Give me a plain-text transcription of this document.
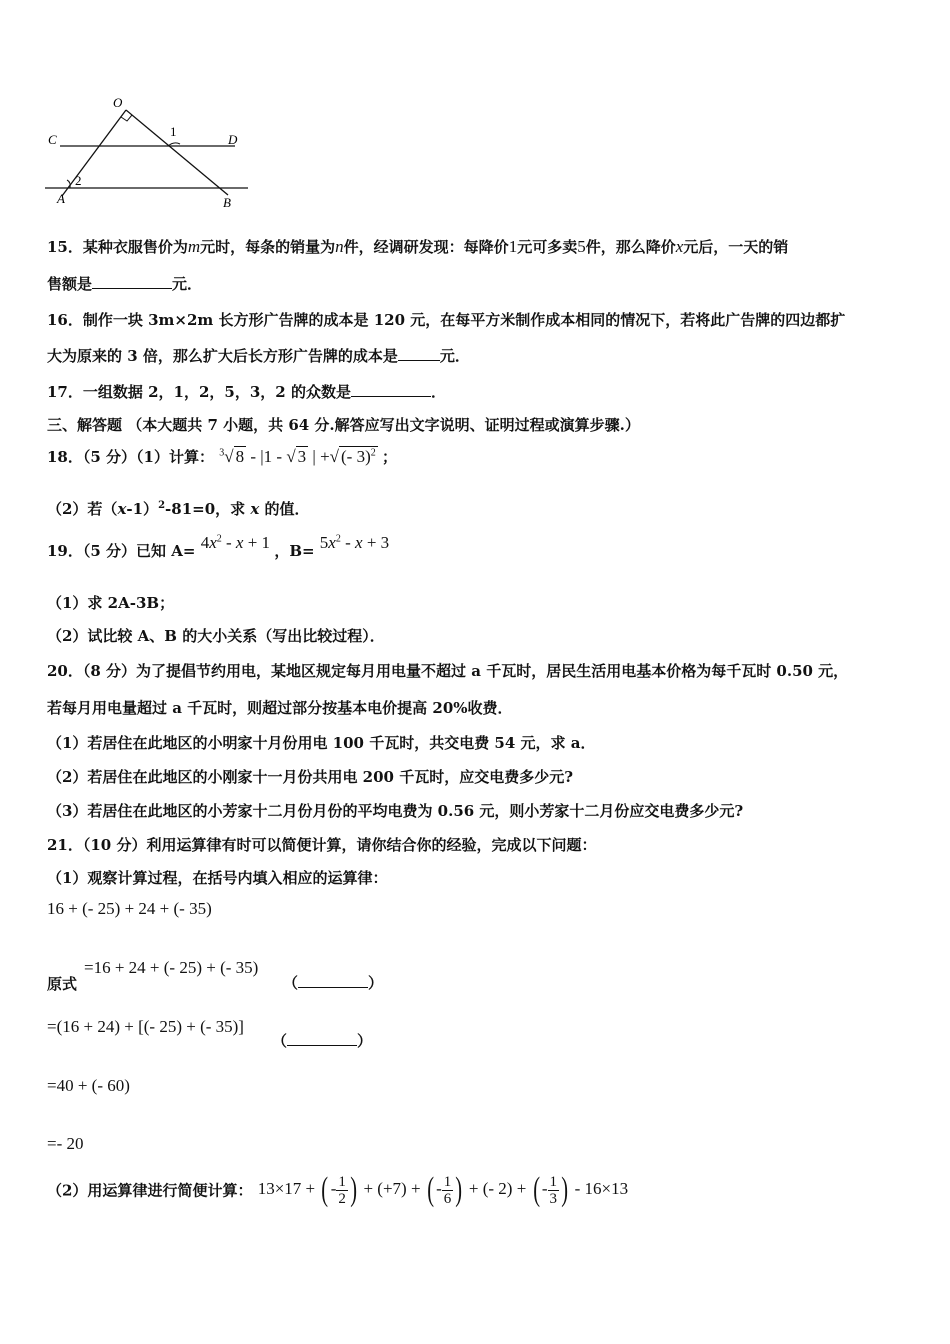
O
C	D
A	B
1
2
15．某种衣服售价为m元时，每条的销量为n件，经调研发现：每降价1元可多卖5件，那么降价x元后，一天的销
售额是	元．
16．制作一块 3m×2m 长方形广告牌的成本是 120 元，在每平方米制作成本相同的情况下，若将此广告牌的四边都扩
大为原来的 3 倍，那么扩大后长方形广告牌的成本是	元．
17．一组数据 2，1，2，5，3，2 的众数是	．
三、解答题 （本大题共 7 小题，共 64 分.解答应写出文字说明、证明过程或演算步骤.）
18．（5 分）（1）计算： $^3$√ 8 - |1 - √ 3 | +√ (- 3)$^2$ ；
（2）若$(x-1)^2-81=0$，求 x 的值．
19．（5 分）已知 $A= 4x^2 - x + 1$ ，$B= 5x^2 - x + 3$
（1）求 2A-3B；
（2）试比较 A、B 的大小关系（写出比较过程）．
20．（8 分）为了提倡节约用电，某地区规定每月用电量不超过 a 千瓦时，居民生活用电基本价格为每千瓦时 0.50 元，
若每月用电量超过 a 千瓦时，则超过部分按基本电价提高 20%收费．
（1）若居住在此地区的小明家十月份用电 100 千瓦时，共交电费 54 元，求 a．
（2）若居住在此地区的小刚家十一月份共用电 200 千瓦时，应交电费多少元?
（3）若居住在此地区的小芳家十二月份月份的平均电费为 0.56 元，则小芳家十二月份应交电费多少元?
21．（10 分）利用运算律有时可以简便计算，请你结合你的经验，完成以下问题：
（1）观察计算过程，在括号内填入相应的运算律：
16 + (- 25) + 24 + (- 35)
原式
=16 + 24 + (- 25) + (- 35)
（	）
=(16 + 24) + [(- 25) + (- 35)]
（	）
=40 + (- 60)
=- 20
（2）用运算律进行简便计算： 13×17 + ( - $\frac{1}{2}$ ) + (+7) + ( - $\frac{1}{6}$ ) + (- 2) + ( - $\frac{1}{3}$ ) - 16×13
